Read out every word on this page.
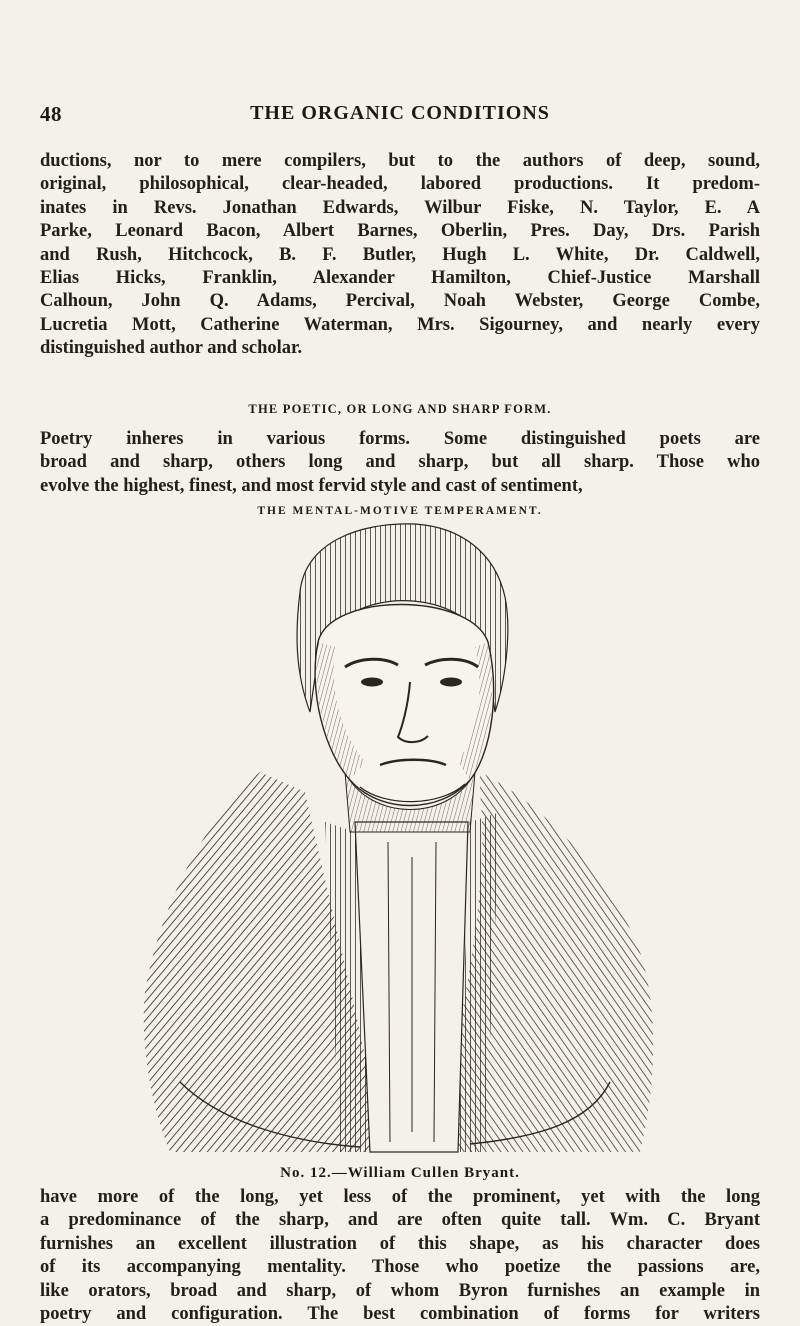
48	THE ORGANIC CONDITIONS
ductions, nor to mere compilers, but to the authors of deep, sound,
original, philosophical, clear-headed, labored productions. It predom-
inates in Revs. Jonathan Edwards, Wilbur Fiske, N. Taylor, E. A
Parke, Leonard Bacon, Albert Barnes, Oberlin, Pres. Day, Drs. Parish
and Rush, Hitchcock, B. F. Butler, Hugh L. White, Dr. Caldwell,
Elias Hicks, Franklin, Alexander Hamilton, Chief-Justice Marshall
Calhoun, John Q. Adams, Percival, Noah Webster, George Combe,
Lucretia Mott, Catherine Waterman, Mrs. Sigourney, and nearly every
distinguished author and scholar.
THE POETIC, OR LONG AND SHARP FORM.
Poetry inheres in various forms. Some distinguished poets are
broad and sharp, others long and sharp, but all sharp. Those who
evolve the highest, finest, and most fervid style and cast of sentiment,
THE MENTAL-MOTIVE TEMPERAMENT.
No. 12.—William Cullen Bryant.
have more of the long, yet less of the prominent, yet with the long
a predominance of the sharp, and are often quite tall. Wm. C. Bryant
furnishes an excellent illustration of this shape, as his character does
of its accompanying mentality. Those who poetize the passions are,
like orators, broad and sharp, of whom Byron furnishes an example in
poetry and configuration. The best combination of forms for writers
